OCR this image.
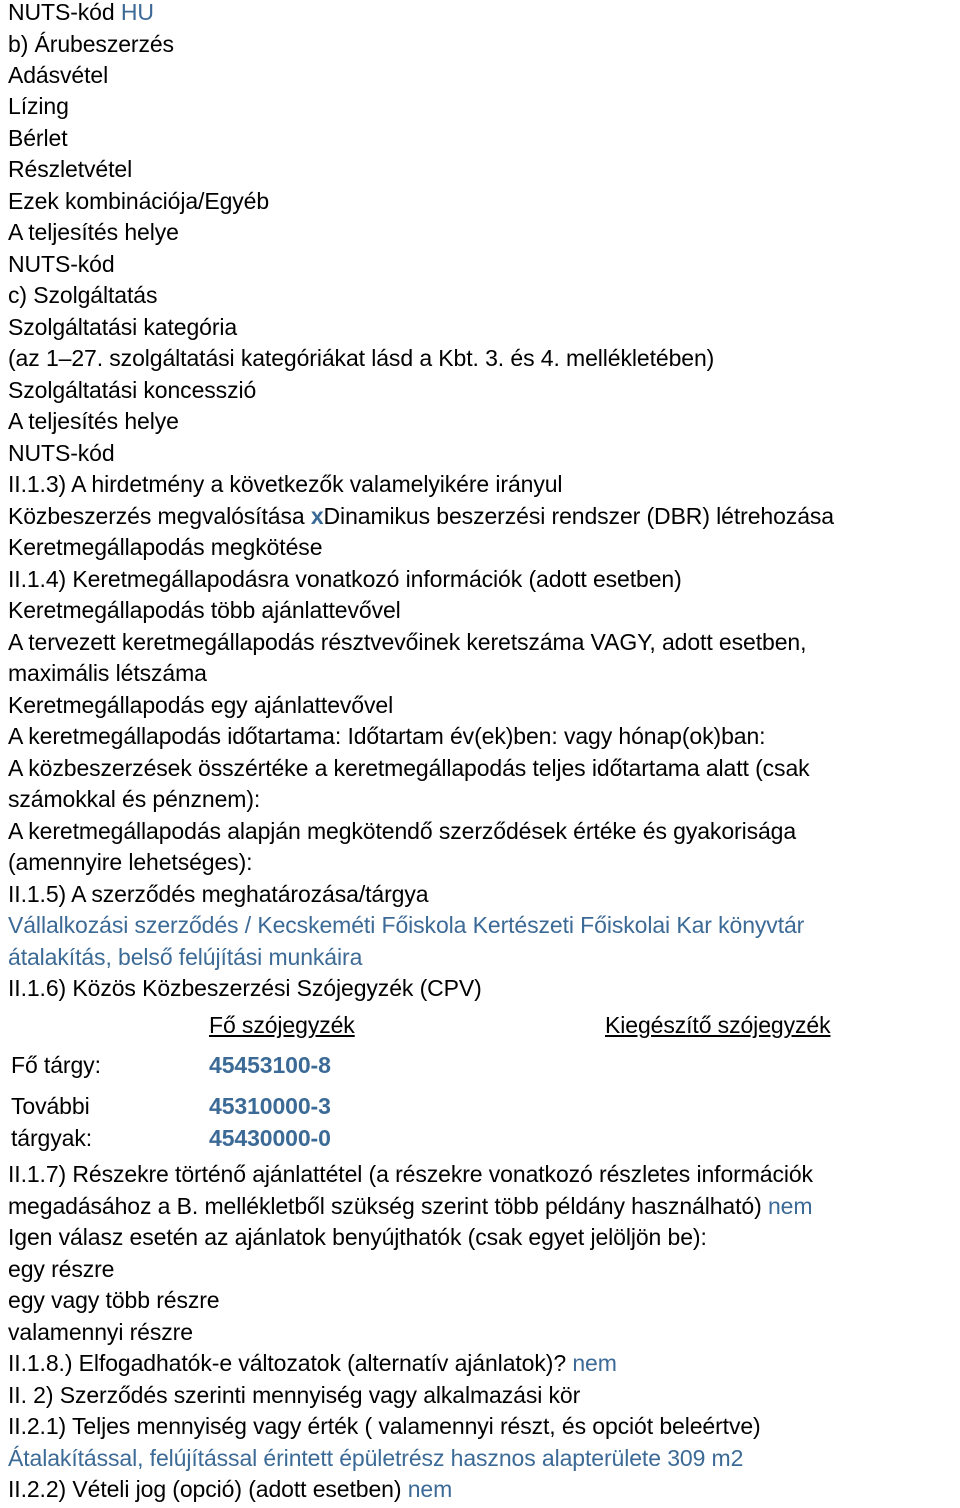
NUTS-kód HU
b) Árubeszerzés
Adásvétel
Lízing
Bérlet
Részletvétel
Ezek kombinációja/Egyéb
A teljesítés helye
NUTS-kód
c) Szolgáltatás
Szolgáltatási kategória
(az 1–27. szolgáltatási kategóriákat lásd a Kbt. 3. és 4. mellékletében)
Szolgáltatási koncesszió
A teljesítés helye
NUTS-kód
II.1.3) A hirdetmény a következők valamelyikére irányul
Közbeszerzés megvalósítása xDinamikus beszerzési rendszer (DBR) létrehozása
Keretmegállapodás megkötése
II.1.4) Keretmegállapodásra vonatkozó információk (adott esetben)
Keretmegállapodás több ajánlattevővel
A tervezett keretmegállapodás résztvevőinek keretszáma VAGY, adott esetben,
maximális létszáma
Keretmegállapodás egy ajánlattevővel
A keretmegállapodás időtartama: Időtartam év(ek)ben: vagy hónap(ok)ban:
A közbeszerzések összértéke a keretmegállapodás teljes időtartama alatt (csak
számokkal és pénznem):
A keretmegállapodás alapján megkötendő szerződések értéke és gyakorisága
(amennyire lehetséges):
II.1.5) A szerződés meghatározása/tárgya
Vállalkozási szerződés / Kecskeméti Főiskola Kertészeti Főiskolai Kar könyvtár
átalakítás, belső felújítási munkáira
II.1.6) Közös Közbeszerzési Szójegyzék (CPV)
Fő szójegyzék	Kiegészítő szójegyzék
Fő tárgy:	45453100-8
További	45310000-3
tárgyak:	45430000-0
II.1.7) Részekre történő ajánlattétel (a részekre vonatkozó részletes információk
megadásához a B. mellékletből szükség szerint több példány használható) nem
Igen válasz esetén az ajánlatok benyújthatók (csak egyet jelöljön be):
egy részre
egy vagy több részre
valamennyi részre
II.1.8.) Elfogadhatók-e változatok (alternatív ajánlatok)? nem
II. 2) Szerződés szerinti mennyiség vagy alkalmazási kör
II.2.1) Teljes mennyiség vagy érték ( valamennyi részt, és opciót beleértve)
Átalakítással, felújítással érintett épületrész hasznos alapterülete 309 m2
II.2.2) Vételi jog (opció) (adott esetben) nem
